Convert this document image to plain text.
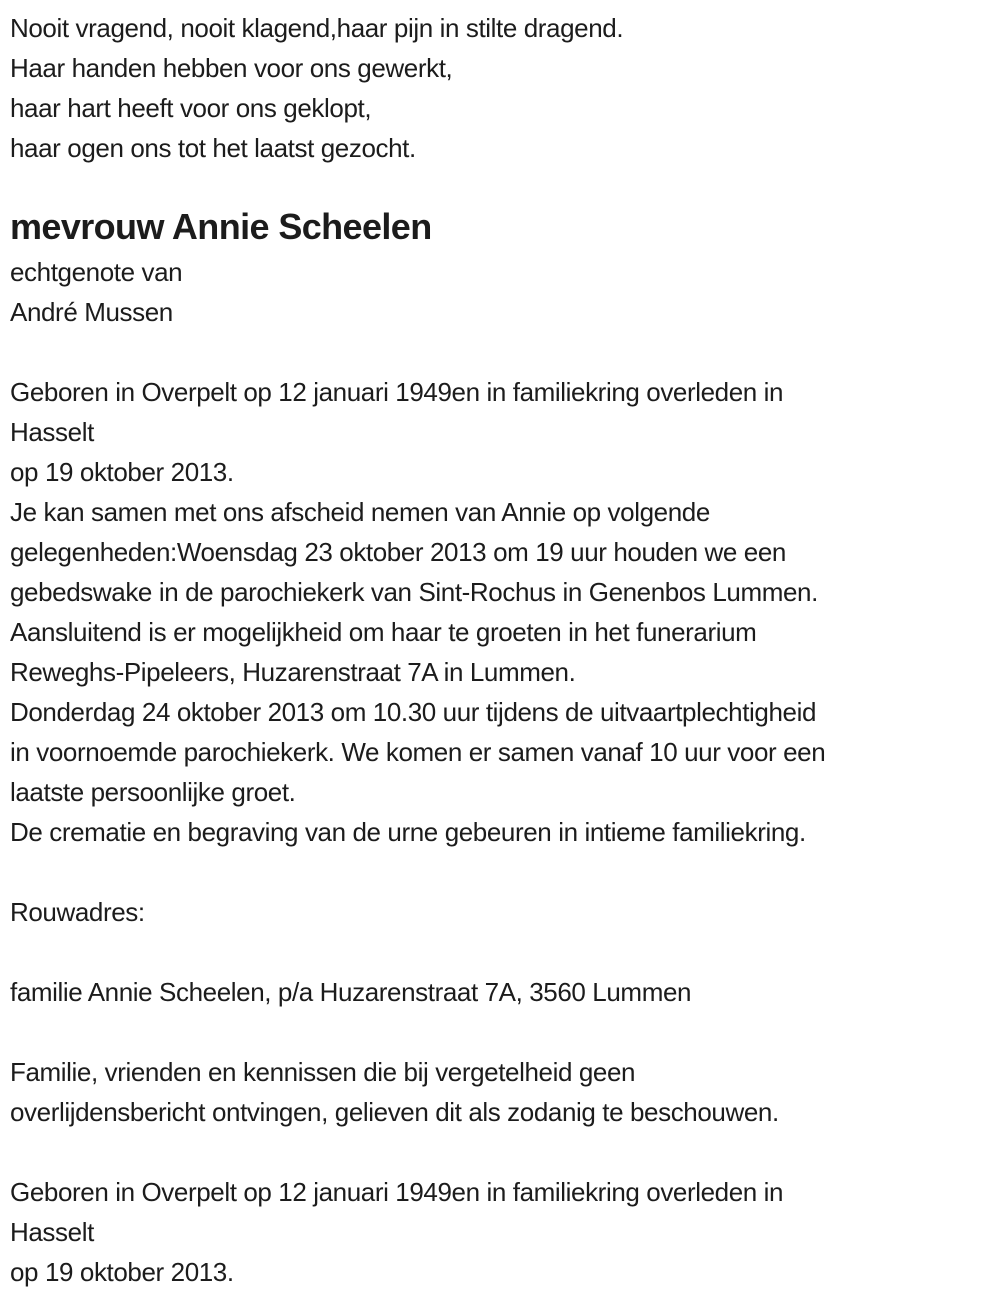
Nooit vragend, nooit klagend,haar pijn in stilte dragend.
Haar handen hebben voor ons gewerkt,
haar hart heeft voor ons geklopt,
haar ogen ons tot het laatst gezocht.
mevrouw Annie Scheelen
echtgenote van
André Mussen
Geboren in Overpelt op 12 januari 1949en in familiekring overleden in
Hasselt
op 19 oktober 2013.
Je kan samen met ons afscheid nemen van Annie op volgende
gelegenheden:Woensdag 23 oktober 2013 om 19 uur houden we een
gebedswake in de parochiekerk van Sint-Rochus in Genenbos Lummen.
Aansluitend is er mogelijkheid om haar te groeten in het funerarium
Reweghs-Pipeleers, Huzarenstraat 7A in Lummen.
Donderdag 24 oktober 2013 om 10.30 uur tijdens de uitvaartplechtigheid
in voornoemde parochiekerk. We komen er samen vanaf 10 uur voor een
laatste persoonlijke groet.
De crematie en begraving van de urne gebeuren in intieme familiekring.
Rouwadres:
familie Annie Scheelen, p/a Huzarenstraat 7A, 3560 Lummen
Familie, vrienden en kennissen die bij vergetelheid geen
overlijdensbericht ontvingen, gelieven dit als zodanig te beschouwen.
Geboren in Overpelt op 12 januari 1949en in familiekring overleden in
Hasselt
op 19 oktober 2013.
